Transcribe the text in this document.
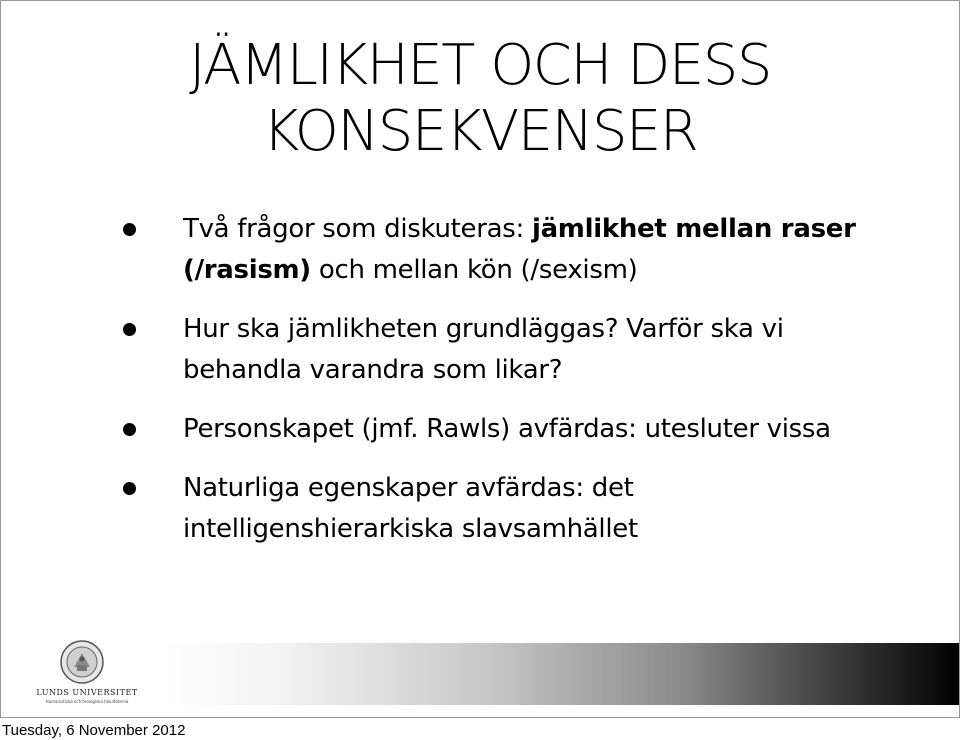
JÄMLIKHET OCH DESS
KONSEKVENSER
Två frågor som diskuteras: jämlikhet mellan raser (/rasism) och mellan kön (/sexism)
Hur ska jämlikheten grundläggas? Varför ska vi behandla varandra som likar?
Personskapet (jmf. Rawls) avfärdas: utesluter vissa
Naturliga egenskaper avfärdas: det intelligenshierarkiska slavsamhället
LUNDS UNIVERSITET
Humanistiska och teologiska fakulteterna
Tuesday, 6 November 2012
